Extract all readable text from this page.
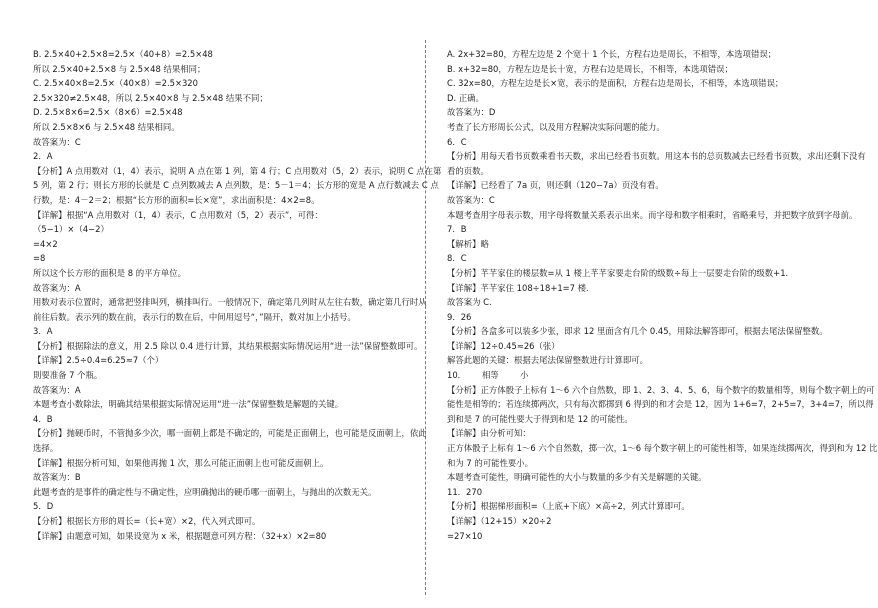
B. 2.5×40+2.5×8=2.5×（40+8）=2.5×48
所以 2.5×40+2.5×8 与 2.5×48 结果相同；
C. 2.5×40×8=2.5×（40×8）=2.5×320
2.5×320≠2.5×48，所以 2.5×40×8 与 2.5×48 结果不同；
D. 2.5×8×6=2.5×（8×6）=2.5×48
所以 2.5×8×6 与 2.5×48 结果相同。
故答案为：C
2．A
【分析】A 点用数对（1，4）表示，说明 A 点在第 1 列，第 4 行；C 点用数对（5，2）表示，说明 C 点在第
5 列，第 2 行；则长方形的长就是 C 点列数减去 A 点列数，是：5－1＝4；长方形的宽是 A 点行数减去 C 点
行数，是：4－2＝2；根据“长方形的面积=长×宽”，求出面积是：4×2=8。
【详解】根据“A 点用数对（1，4）表示，C 点用数对（5，2）表示”，可得：
（5−1）×（4−2）
=4×2
=8
所以这个长方形的面积是 8 的平方单位。
故答案为：A
用数对表示位置时，通常把竖排叫列，横排叫行。一般情况下，确定第几列时从左往右数，确定第几行时从
前往后数。表示列的数在前，表示行的数在后，中间用逗号“，”隔开，数对加上小括号。
3．A
【分析】根据除法的意义，用 2.5 除以 0.4 进行计算，其结果根据实际情况运用“进一法”保留整数即可。
【详解】2.5÷0.4=6.25≈7（个）
則要准备 7 个瓶。
故答案为：A
本题考查小数除法，明确其结果根据实际情况运用“进一法”保留整数是解题的关键。
4．B
【分析】抛硬币时，不管抛多少次，哪一面朝上都是不确定的，可能是正面朝上，也可能是反面朝上，依此
选择。
【详解】根据分析可知，如果他再抛 1 次，那么可能正面朝上也可能反面朝上。
故答案为：B
此题考查的是事件的确定性与不确定性，应明确抛出的硬币哪一面朝上，与抛出的次数无关。
5．D
【分析】根据长方形的周长=（长+宽）×2，代入列式即可。
【详解】由题意可知，如果设宽为 x 米，根据题意可列方程：（32+x）×2=80
A. 2x+32=80，方程左边是 2 个宽十 1 个长，方程右边是周长，不相等，本选项错误；
B. x+32=80，方程左边是长十宽，方程右边是周长，不相等，本选项错误；
C. 32x=80，方程左边是长×宽，表示的是面积，方程右边是周长，不相等，本选项错误；
D. 正确。
故答案为：D
考查了长方形周长公式，以及用方程解决实际问题的能力。
6．C
【分析】用每天看书页数乘看书天数，求出已经看书页数。用这本书的总页数减去已经看书页数，求出还剩下没有
看的页数。
【详解】已经看了 7a 页，则还剩（120−7a）页没有看。
故答案为：C
本题考查用字母表示数，用字母将数量关系表示出来。而字母和数字相乘时，省略乘号，并把数字放到字母前。
7．B
【解析】略
8．C
【分析】芊芊家住的楼层数=从 1 楼上芊芊家要走台阶的级数÷每上一层要走台阶的级数+1.
【详解】芊芊家住 108÷18+1=7 楼.
故答案为 C.
9．26
【分析】各盒多可以装多少张，即求 12 里面含有几个 0.45，用除法解答即可，根据去尾法保留整数。
【详解】12÷0.45≈26（张）
解答此题的关键：根据去尾法保留整数进行计算即可。
10．      相等        小
【分析】正方体骰子上标有 1～6 六个自然数，即 1、2、3、4、5、6，每个数字的数量相等，则每个数字朝上的可
能性是相等的；若连续掷两次，只有每次都掷到 6 得到的和才会是 12，因为 1+6=7，2+5=7，3+4=7，所以得
到和是 7 的可能性要大于得到和是 12 的可能性。
【详解】由分析可知：
正方体骰子上标有 1～6 六个自然数，掷一次，1～6 每个数字朝上的可能性相等，如果连续掷两次，得到和为 12 比
和为 7 的可能性要小。
本题考查可能性，明确可能性的大小与数量的多少有关是解题的关键。
11．270
【分析】根据梯形面积=（上底+下底）×高÷2，列式计算即可。
【详解】（12+15）×20÷2
=27×10
